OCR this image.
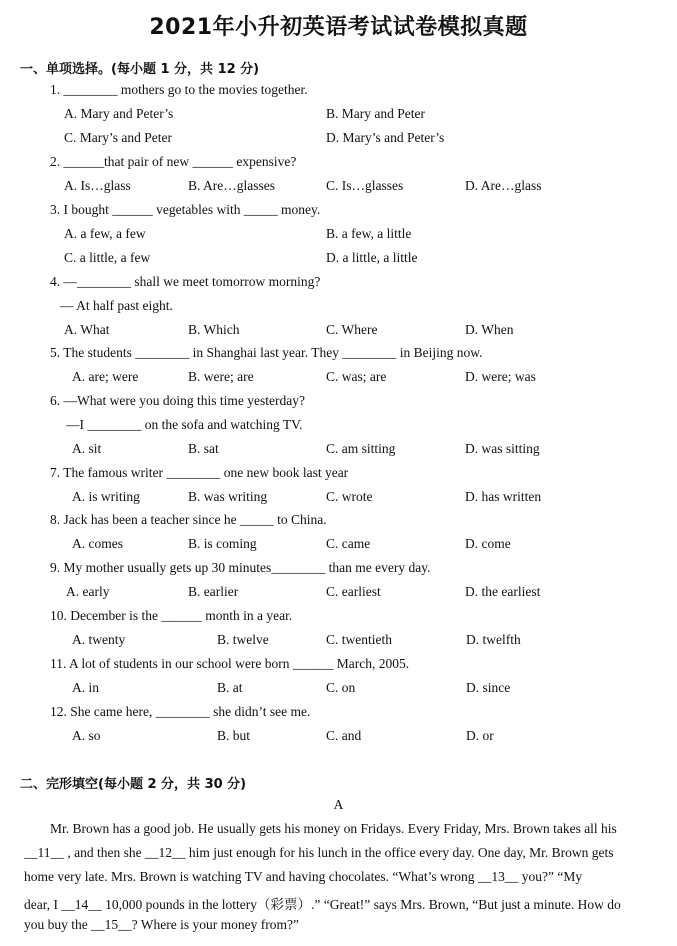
2021年小升初英语考试试卷模拟真题
一、单项选择。(每小题 1 分，共 12 分)
1. ________ mothers go to the movies together.
A. Mary and Peter’s	B. Mary and Peter
C. Mary’s and Peter	D. Mary’s and Peter’s
2. ______that pair of new ______ expensive?
A. Is…glass	B. Are…glasses	C. Is…glasses	D. Are…glass
3. I bought ______ vegetables with _____ money.
A. a few, a few	B. a few, a little
C. a little, a few	D. a little, a little
4. —________ shall we meet tomorrow morning?
— At half past eight.
A. What	B. Which	C. Where	D. When
5. The students ________ in Shanghai last year. They ________ in Beijing now.
A. are; were	B. were; are	C. was; are	D. were; was
6. —What were you doing this time yesterday?
—I ________ on the sofa and watching TV.
A. sit	B. sat	C. am sitting	D. was sitting
7. The famous writer ________ one new book last year
A. is writing	B. was writing	C. wrote	D. has written
8. Jack has been a teacher since he _____ to China.
A. comes	B. is coming	C. came	D. come
9. My mother usually gets up 30 minutes________ than me every day.
A. early	B. earlier	C. earliest	D. the earliest
10. December is the ______ month in a year.
A. twenty	B. twelve	C. twentieth	D. twelfth
11. A lot of students in our school were born ______ March, 2005.
A. in	B. at	C. on	D. since
12. She came here, ________ she didn’t see me.
A. so	B. but	C. and	D. or
二、完形填空(每小题 2 分，共 30 分)
A
Mr. Brown has a good job. He usually gets his money on Fridays. Every Friday, Mrs. Brown takes all his
__11__ , and then she __12__ him just enough for his lunch in the office every day. One day, Mr. Brown gets
home very late. Mrs. Brown is watching TV and having chocolates. “What’s wrong __13__ you?” “My
dear, I __14__ 10,000 pounds in the lottery（彩票）.” “Great!” says Mrs. Brown, “But just a minute. How do
you buy the __15__? Where is your money from?”
